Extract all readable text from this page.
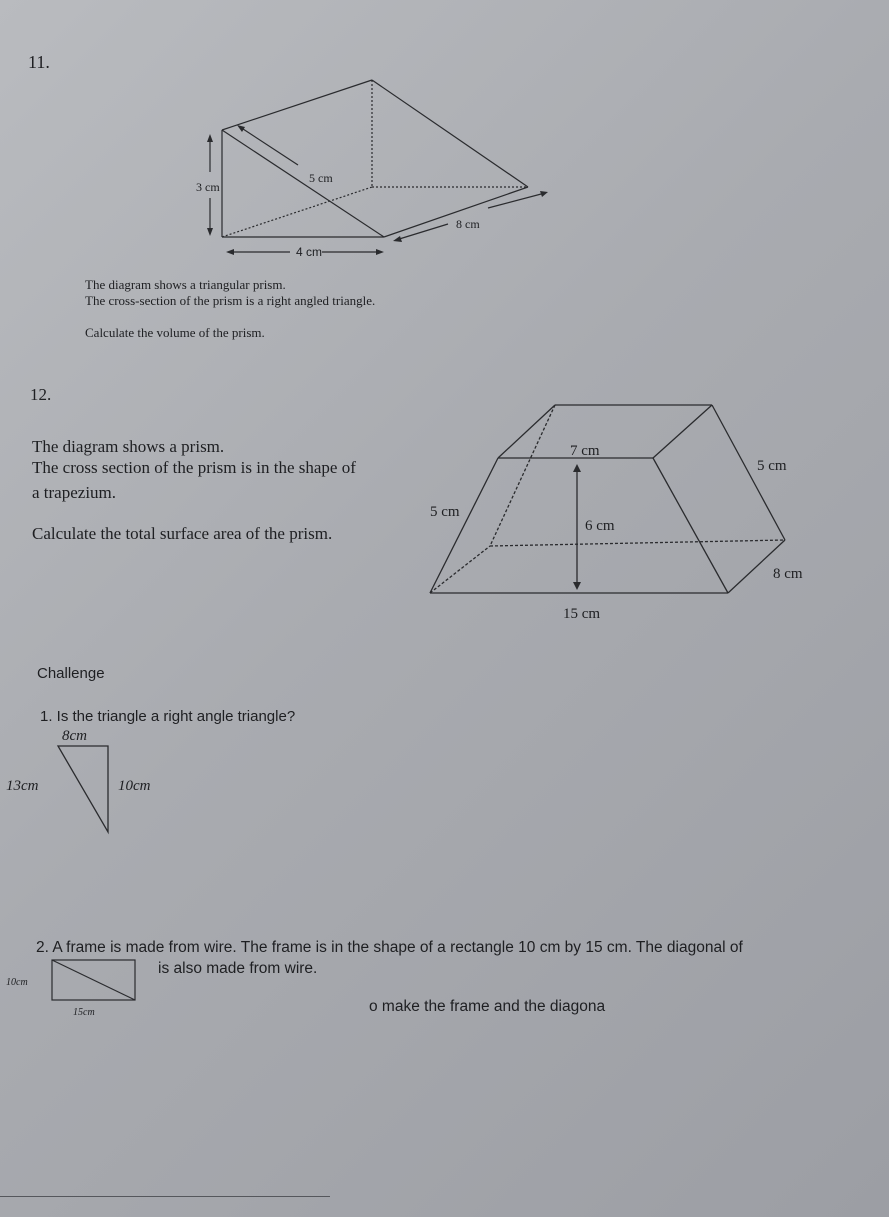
11.
3 cm
5 cm
8 cm
4 cm
The diagram shows a triangular prism.
The cross-section of the prism is a right angled triangle.
Calculate the volume of the prism.
12.
The diagram shows a prism.
The cross section of the prism is in the shape of
a trapezium.
Calculate the total surface area of the prism.
7 cm
5 cm
5 cm
6 cm
8 cm
15 cm
Challenge
1. Is the triangle a right angle triangle?
8cm
13cm	10cm
2. A frame is made from wire. The frame is in the shape of a rectangle 10 cm by 15 cm. The diagonal of
is also made from wire.
o make the frame and the diagona
10cm
15cm
